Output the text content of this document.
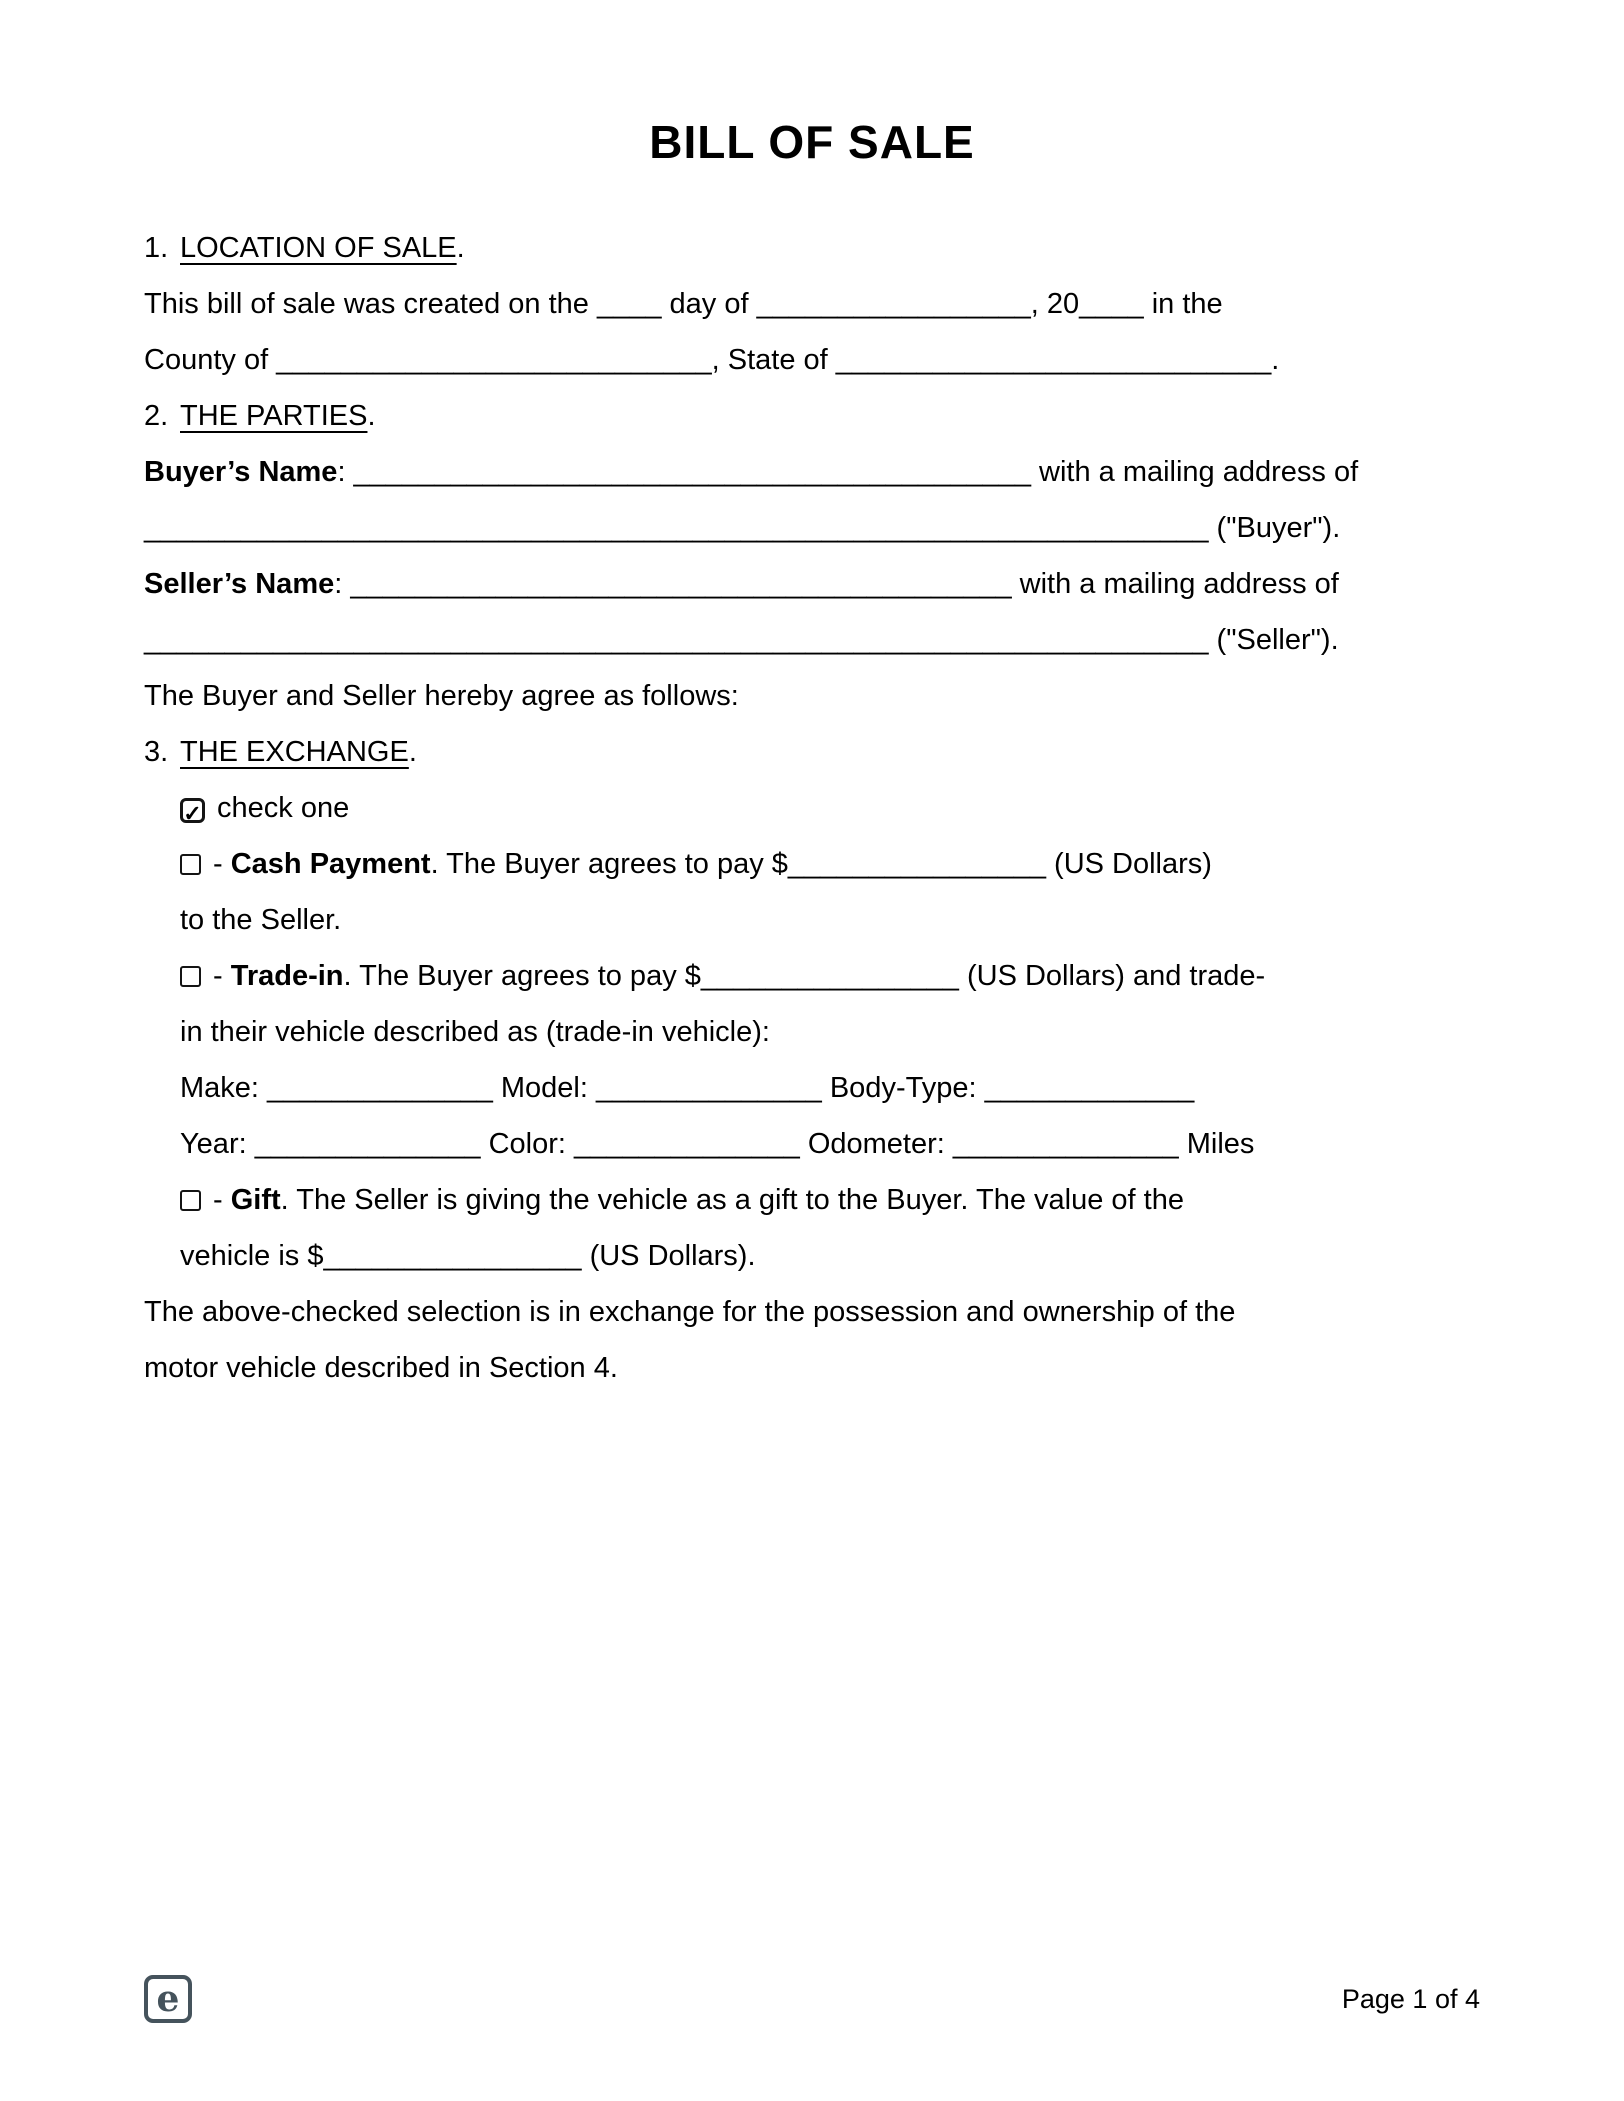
BILL OF SALE
1. LOCATION OF SALE.
This bill of sale was created on the ____ day of _________________, 20____ in the
County of ___________________________, State of ___________________________.
2. THE PARTIES.
Buyer’s Name: __________________________________________ with a mailing address of
__________________________________________________________________ ("Buyer").
Seller’s Name: _________________________________________ with a mailing address of
__________________________________________________________________ ("Seller").
The Buyer and Seller hereby agree as follows:
3. THE EXCHANGE.
✓ check one
- Cash Payment. The Buyer agrees to pay $________________ (US Dollars)
to the Seller.
- Trade-in. The Buyer agrees to pay $________________ (US Dollars) and trade-
in their vehicle described as (trade-in vehicle):
Make: ______________ Model: ______________ Body-Type: _____________
Year: ______________ Color: ______________ Odometer: ______________ Miles
- Gift. The Seller is giving the vehicle as a gift to the Buyer. The value of the
vehicle is $________________ (US Dollars).
The above-checked selection is in exchange for the possession and ownership of the
motor vehicle described in Section 4.
e	Page 1 of 4
